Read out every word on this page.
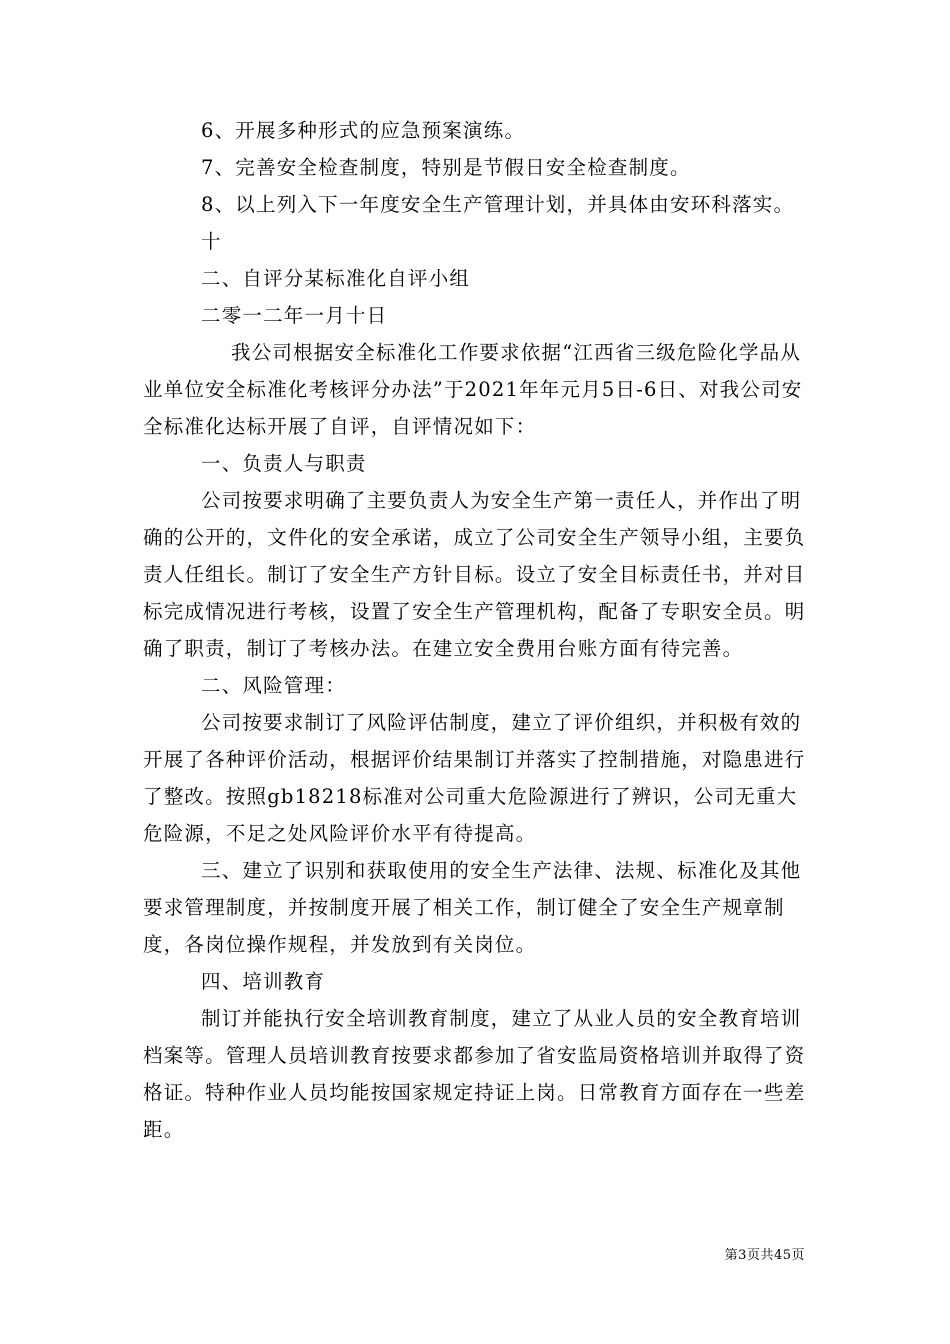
6、开展多种形式的应急预案演练。

7、完善安全检查制度，特别是节假日安全检查制度。

8、以上列入下一年度安全生产管理计划，并具体由安环科落实。

十

二、自评分某标准化自评小组

二零一二年一月十日

我公司根据安全标准化工作要求依据“江西省三级危险化学品从业单位安全标准化考核评分办法”于2021年年元月5日-6日、对我公司安全标准化达标开展了自评，自评情况如下：

一、负责人与职责

公司按要求明确了主要负责人为安全生产第一责任人，并作出了明确的公开的，文件化的安全承诺，成立了公司安全生产领导小组，主要负责人任组长。制订了安全生产方针目标。设立了安全目标责任书，并对目标完成情况进行考核，设置了安全生产管理机构，配备了专职安全员。明确了职责，制订了考核办法。在建立安全费用台账方面有待完善。

二、风险管理：

公司按要求制订了风险评估制度，建立了评价组织，并积极有效的开展了各种评价活动，根据评价结果制订并落实了控制措施，对隐患进行了整改。按照gb18218标准对公司重大危险源进行了辨识，公司无重大危险源，不足之处风险评价水平有待提高。

三、建立了识别和获取使用的安全生产法律、法规、标准化及其他要求管理制度，并按制度开展了相关工作，制订健全了安全生产规章制度，各岗位操作规程，并发放到有关岗位。

四、培训教育

制订并能执行安全培训教育制度，建立了从业人员的安全教育培训档案等。管理人员培训教育按要求都参加了省安监局资格培训并取得了资格证。特种作业人员均能按国家规定持证上岗。日常教育方面存在一些差距。

第3页共45页
